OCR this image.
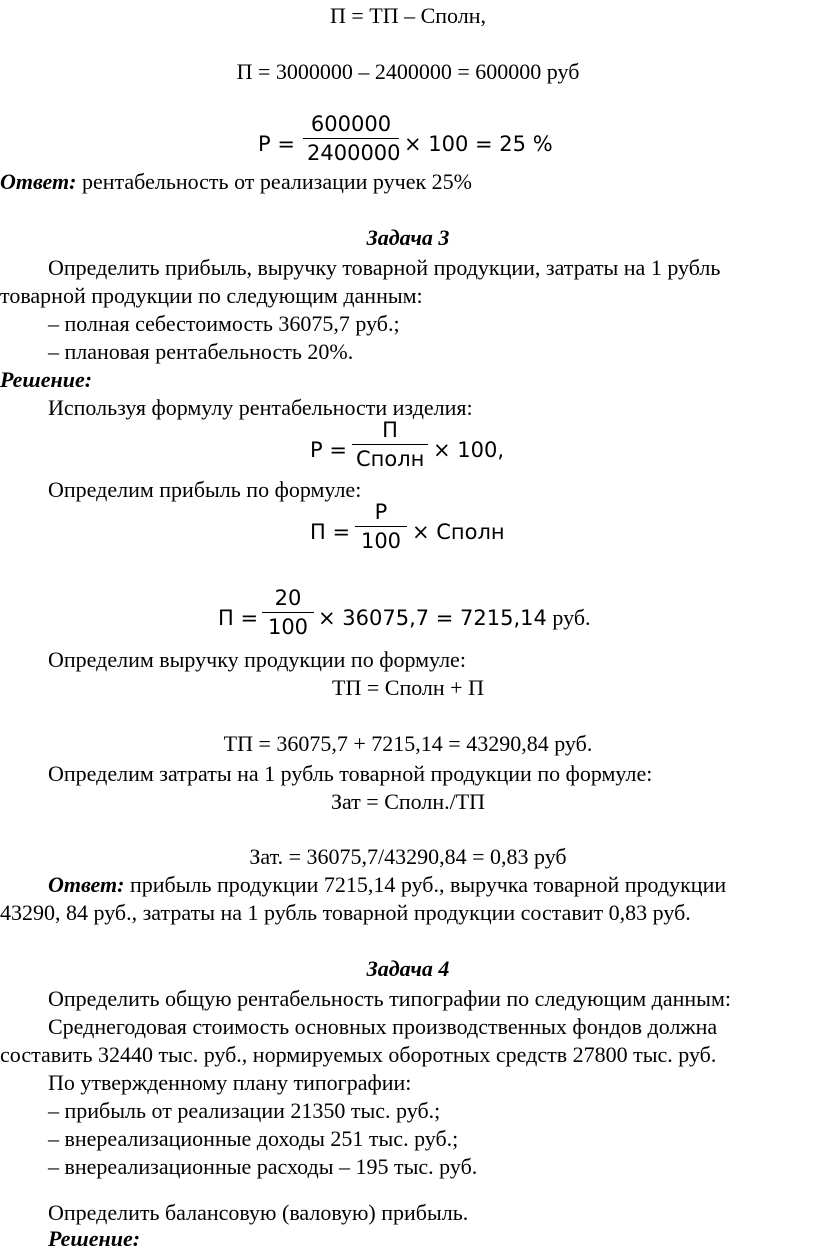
П = ТП – Сполн,
П = 3000000 – 2400000 = 600000 руб
Р =
600000
2400000 × 100 = 25 %
Ответ: рентабельность от реализации ручек 25%
Задача 3
Определить прибыль, выручку товарной продукции, затраты на 1 рубль
товарной продукции по следующим данным:
– полная себестоимость 36075,7 руб.;
– плановая рентабельность 20%.
Решение:
Используя формулу рентабельности изделия:
Р =
П
Сполн × 100,
Определим прибыль по формуле:
П =
Р
100 × Сполн
П =
20
100 × 36075,7 = 7215,14 руб.
Определим выручку продукции по формуле:
ТП = Сполн + П
ТП = 36075,7 + 7215,14 = 43290,84 руб.
Определим затраты на 1 рубль товарной продукции по формуле:
Зат = Сполн./ТП
Зат. = 36075,7/43290,84 = 0,83 руб
Ответ: прибыль продукции 7215,14 руб., выручка товарной продукции
43290, 84 руб., затраты на 1 рубль товарной продукции составит 0,83 руб.
Задача 4
Определить общую рентабельность типографии по следующим данным:
Среднегодовая стоимость основных производственных фондов должна
составить 32440 тыс. руб., нормируемых оборотных средств 27800 тыс. руб.
По утвержденному плану типографии:
– прибыль от реализации 21350 тыс. руб.;
– внереализационные доходы 251 тыс. руб.;
– внереализационные расходы – 195 тыс. руб.
Определить балансовую (валовую) прибыль.
Решение:
